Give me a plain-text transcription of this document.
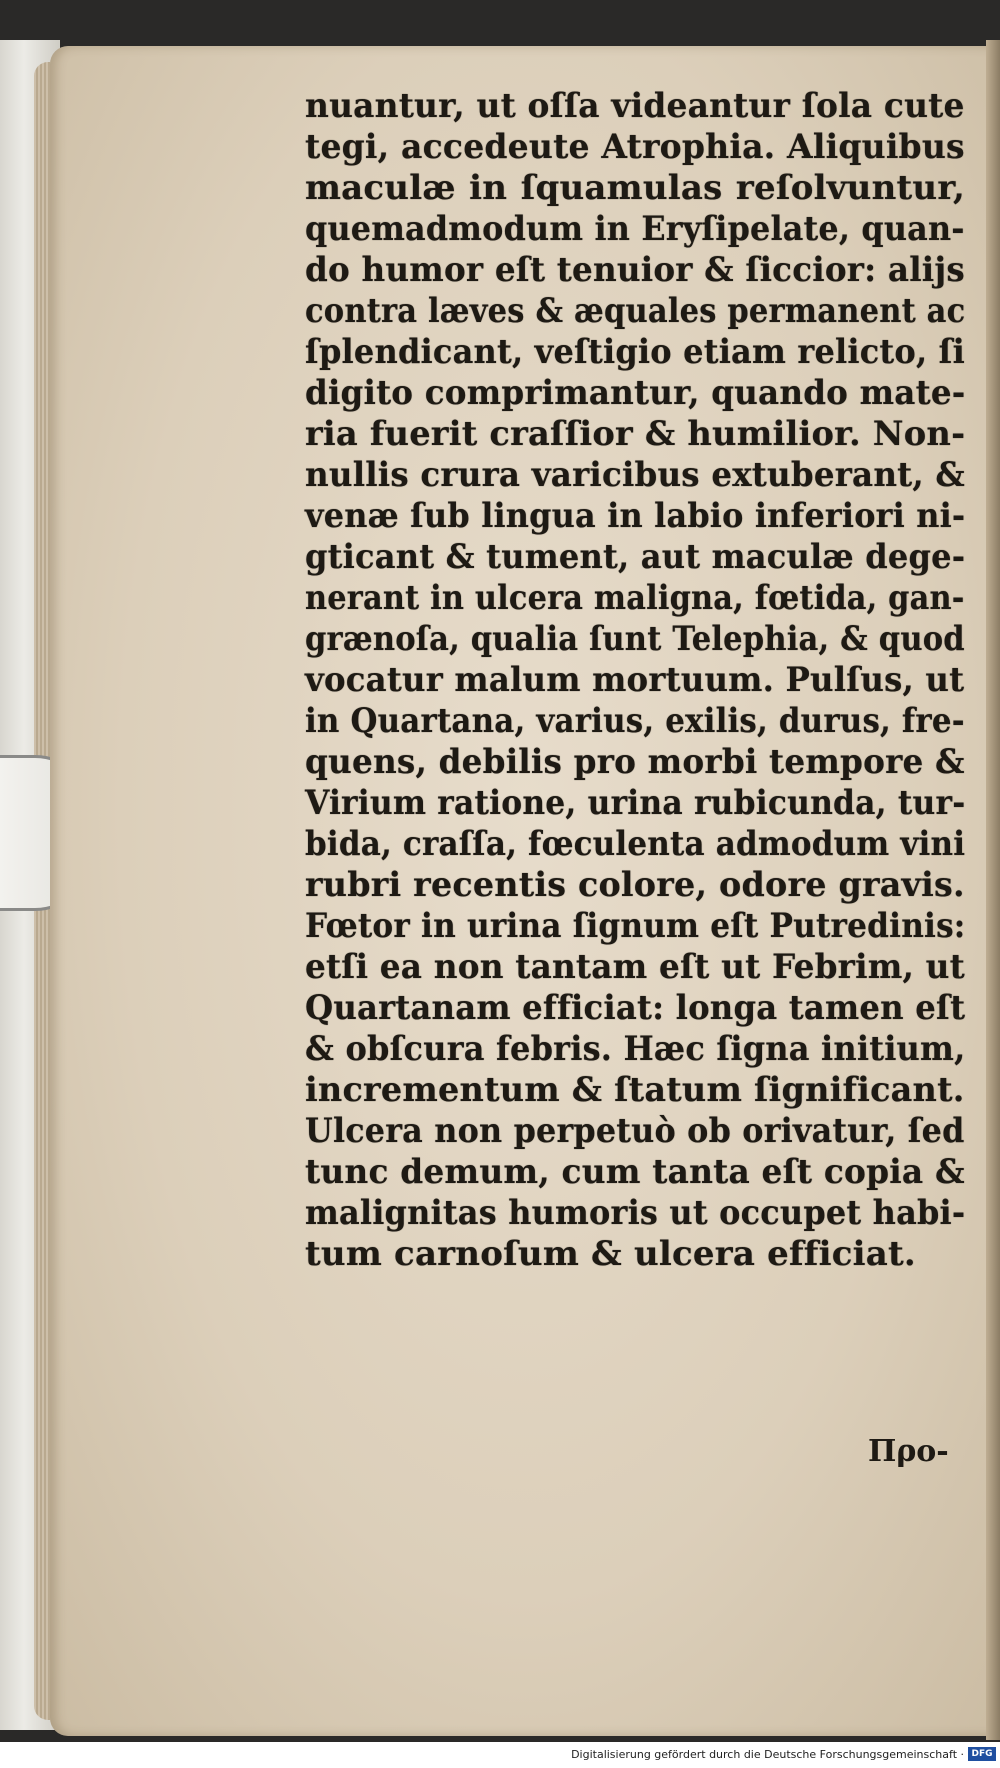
nuantur, ut oſſa videantur ſola cute
tegi, accedeute Atrophia. Aliquibus
maculæ in ſquamulas reſolvuntur,
quemadmodum in Eryſipelate, quan-
do humor eſt tenuior & ſiccior: alijs
contra læves & æquales permanent ac
ſplendicant, veſtigio etiam relicto, ſi
digito comprimantur, quando mate-
ria fuerit craſſior & humilior. Non-
nullis crura varicibus extuberant, &
venæ ſub lingua in labio inferiori ni-
gticant & tument, aut maculæ dege-
nerant in ulcera maligna, fœtida, gan-
grænoſa, qualia ſunt Telephia, & quod
vocatur malum mortuum. Pulſus, ut
in Quartana, varius, exilis, durus, fre-
quens, debilis pro morbi tempore &
Virium ratione, urina rubicunda, tur-
bida, craſſa, fœculenta admodum vini
rubri recentis colore, odore gravis.
Fœtor in urina ſignum eſt Putredinis:
etſi ea non tantam eſt ut Febrim, ut
Quartanam efficiat: longa tamen eſt
& obſcura febris. Hæc ſigna initium,
incrementum & ſtatum ſignificant.
Ulcera non perpetuò ob orivatur, ſed
tunc demum, cum tanta eſt copia &
malignitas humoris ut occupet habi-
tum carnoſum & ulcera efficiat.
Πρo-
Digitalisierung gefördert durch die Deutsche Forschungsgemeinschaft · DFG
